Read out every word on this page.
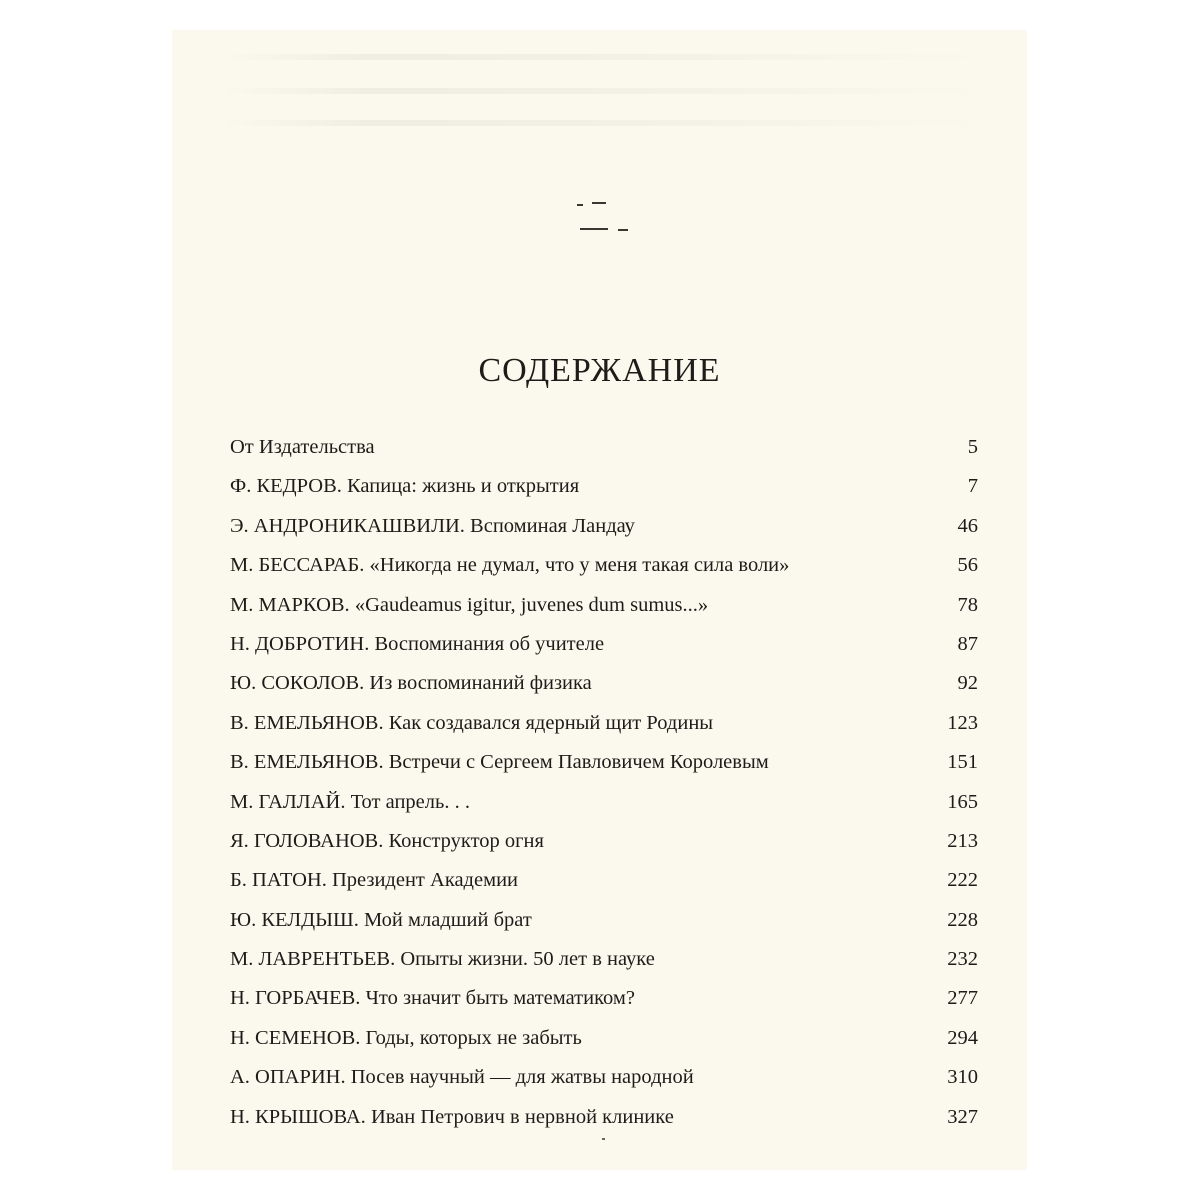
СОДЕРЖАНИЕ
От Издательства	5
Ф. КЕДРОВ. Капица: жизнь и открытия	7
Э. АНДРОНИКАШВИЛИ. Вспоминая Ландау	46
М. БЕССАРАБ. «Никогда не думал, что у меня такая сила воли»	56
М. МАРКОВ. «Gaudeamus igitur, juvenes dum sumus...»	78
Н. ДОБРОТИН. Воспоминания об учителе	87
Ю. СОКОЛОВ. Из воспоминаний физика	92
В. ЕМЕЛЬЯНОВ. Как создавался ядерный щит Родины	123
В. ЕМЕЛЬЯНОВ. Встречи с Сергеем Павловичем Королевым	151
М. ГАЛЛАЙ. Тот апрель. . .	165
Я. ГОЛОВАНОВ. Конструктор огня	213
Б. ПАТОН. Президент Академии	222
Ю. КЕЛДЫШ. Мой младший брат	228
М. ЛАВРЕНТЬЕВ. Опыты жизни. 50 лет в науке	232
Н. ГОРБАЧЕВ. Что значит быть математиком?	277
Н. СЕМЕНОВ. Годы, которых не забыть	294
А. ОПАРИН. Посев научный — для жатвы народной	310
Н. КРЫШОВА. Иван Петрович в нервной клинике	327
